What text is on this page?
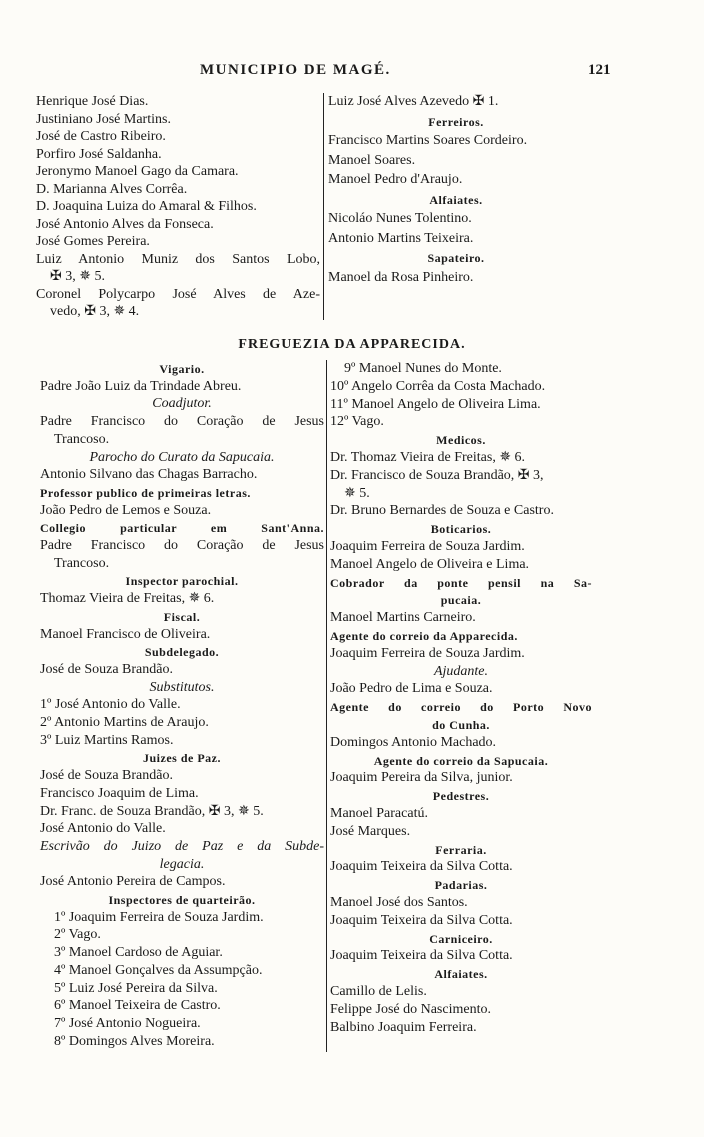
MUNICIPIO DE MAGÉ.	121
Henrique José Dias.
Justiniano José Martins.
José de Castro Ribeiro.
Porfiro José Saldanha.
Jeronymo Manoel Gago da Camara.
D. Marianna Alves Corrêa.
D. Joaquina Luiza do Amaral & Filhos.
José Antonio Alves da Fonseca.
José Gomes Pereira.
Luiz Antonio Muniz dos Santos Lobo,
✠ 3, ✵ 5.
Coronel Polycarpo José Alves de Aze-
vedo, ✠ 3, ✵ 4.
Luiz José Alves Azevedo ✠ 1.
Ferreiros.
Francisco Martins Soares Cordeiro.
Manoel Soares.
Manoel Pedro d'Araujo.
Alfaiates.
Nicoláo Nunes Tolentino.
Antonio Martins Teixeira.
Sapateiro.
Manoel da Rosa Pinheiro.
FREGUEZIA DA APPARECIDA.
Vigario.
Padre João Luiz da Trindade Abreu.
Coadjutor.
Padre Francisco do Coração de Jesus
Trancoso.
Parocho do Curato da Sapucaia.
Antonio Silvano das Chagas Barracho.
Professor publico de primeiras letras.
João Pedro de Lemos e Souza.
Collegio particular em Sant'Anna.
Padre Francisco do Coração de Jesus
Trancoso.
Inspector parochial.
Thomaz Vieira de Freitas, ✵ 6.
Fiscal.
Manoel Francisco de Oliveira.
Subdelegado.
José de Souza Brandão.
Substitutos.
1º José Antonio do Valle.
2º Antonio Martins de Araujo.
3º Luiz Martins Ramos.
Juizes de Paz.
José de Souza Brandão.
Francisco Joaquim de Lima.
Dr. Franc. de Souza Brandão, ✠ 3, ✵ 5.
José Antonio do Valle.
Escrivão do Juizo de Paz e da Subde-
legacia.
José Antonio Pereira de Campos.
Inspectores de quarteirão.
1º Joaquim Ferreira de Souza Jardim.
2º Vago.
3º Manoel Cardoso de Aguiar.
4º Manoel Gonçalves da Assumpção.
5º Luiz José Pereira da Silva.
6º Manoel Teixeira de Castro.
7º José Antonio Nogueira.
8º Domingos Alves Moreira.
9º Manoel Nunes do Monte.
10º Angelo Corrêa da Costa Machado.
11º Manoel Angelo de Oliveira Lima.
12º Vago.
Medicos.
Dr. Thomaz Vieira de Freitas, ✵ 6.
Dr. Francisco de Souza Brandão, ✠ 3,
✵ 5.
Dr. Bruno Bernardes de Souza e Castro.
Boticarios.
Joaquim Ferreira de Souza Jardim.
Manoel Angelo de Oliveira e Lima.
Cobrador da ponte pensil na Sa-
pucaia.
Manoel Martins Carneiro.
Agente do correio da Apparecida.
Joaquim Ferreira de Souza Jardim.
Ajudante.
João Pedro de Lima e Souza.
Agente do correio do Porto Novo
do Cunha.
Domingos Antonio Machado.
Agente do correio da Sapucaia.
Joaquim Pereira da Silva, junior.
Pedestres.
Manoel Paracatú.
José Marques.
Ferraria.
Joaquim Teixeira da Silva Cotta.
Padarias.
Manoel José dos Santos.
Joaquim Teixeira da Silva Cotta.
Carniceiro.
Joaquim Teixeira da Silva Cotta.
Alfaiates.
Camillo de Lelis.
Felippe José do Nascimento.
Balbino Joaquim Ferreira.
